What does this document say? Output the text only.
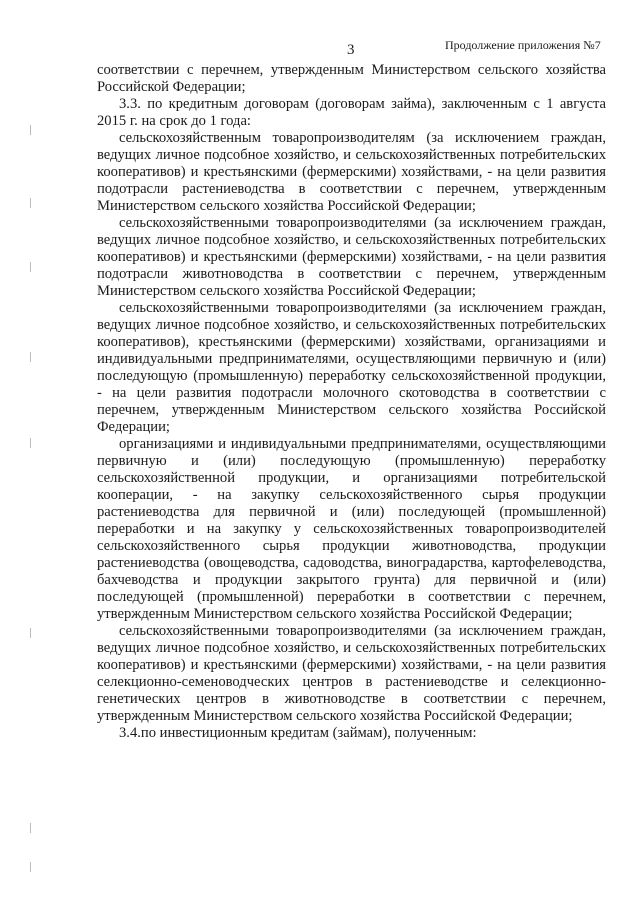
3	Продолжение приложения №7
соответствии с перечнем, утвержденным Министерством сельского хозяйства Российской Федерации;
3.3. по кредитным договорам (договорам займа), заключенным с 1 августа 2015 г. на срок до 1 года:
сельскохозяйственным товаропроизводителям (за исключением граждан, ведущих личное подсобное хозяйство, и сельскохозяйственных потребительских кооперативов) и крестьянскими (фермерскими) хозяйствами, - на цели развития подотрасли растениеводства в соответствии с перечнем, утвержденным Министерством сельского хозяйства Российской Федерации;
сельскохозяйственными товаропроизводителями (за исключением граждан, ведущих личное подсобное хозяйство, и сельскохозяйственных потребительских кооперативов) и крестьянскими (фермерскими) хозяйствами, - на цели развития подотрасли животноводства в соответствии с перечнем, утвержденным Министерством сельского хозяйства Российской Федерации;
сельскохозяйственными товаропроизводителями (за исключением граждан, ведущих личное подсобное хозяйство, и сельскохозяйственных потребительских кооперативов), крестьянскими (фермерскими) хозяйствами, организациями и индивидуальными предпринимателями, осуществляющими первичную и (или) последующую (промышленную) переработку сельскохозяйственной продукции, - на цели развития подотрасли молочного скотоводства в соответствии с перечнем, утвержденным Министерством сельского хозяйства Российской Федерации;
организациями и индивидуальными предпринимателями, осуществляющими первичную и (или) последующую (промышленную) переработку сельскохозяйственной продукции, и организациями потребительской кооперации, - на закупку сельскохозяйственного сырья продукции растениеводства для первичной и (или) последующей (промышленной) переработки и на закупку у сельскохозяйственных товаропроизводителей сельскохозяйственного сырья продукции животноводства, продукции растениеводства (овощеводства, садоводства, виноградарства, картофелеводства, бахчеводства и продукции закрытого грунта) для первичной и (или) последующей (промышленной) переработки в соответствии с перечнем, утвержденным Министерством сельского хозяйства Российской Федерации;
сельскохозяйственными товаропроизводителями (за исключением граждан, ведущих личное подсобное хозяйство, и сельскохозяйственных потребительских кооперативов) и крестьянскими (фермерскими) хозяйствами, - на цели развития селекционно-семеноводческих центров в растениеводстве и селекционно-генетических центров в животноводстве в соответствии с перечнем, утвержденным Министерством сельского хозяйства Российской Федерации;
3.4.по инвестиционным кредитам (займам), полученным:
